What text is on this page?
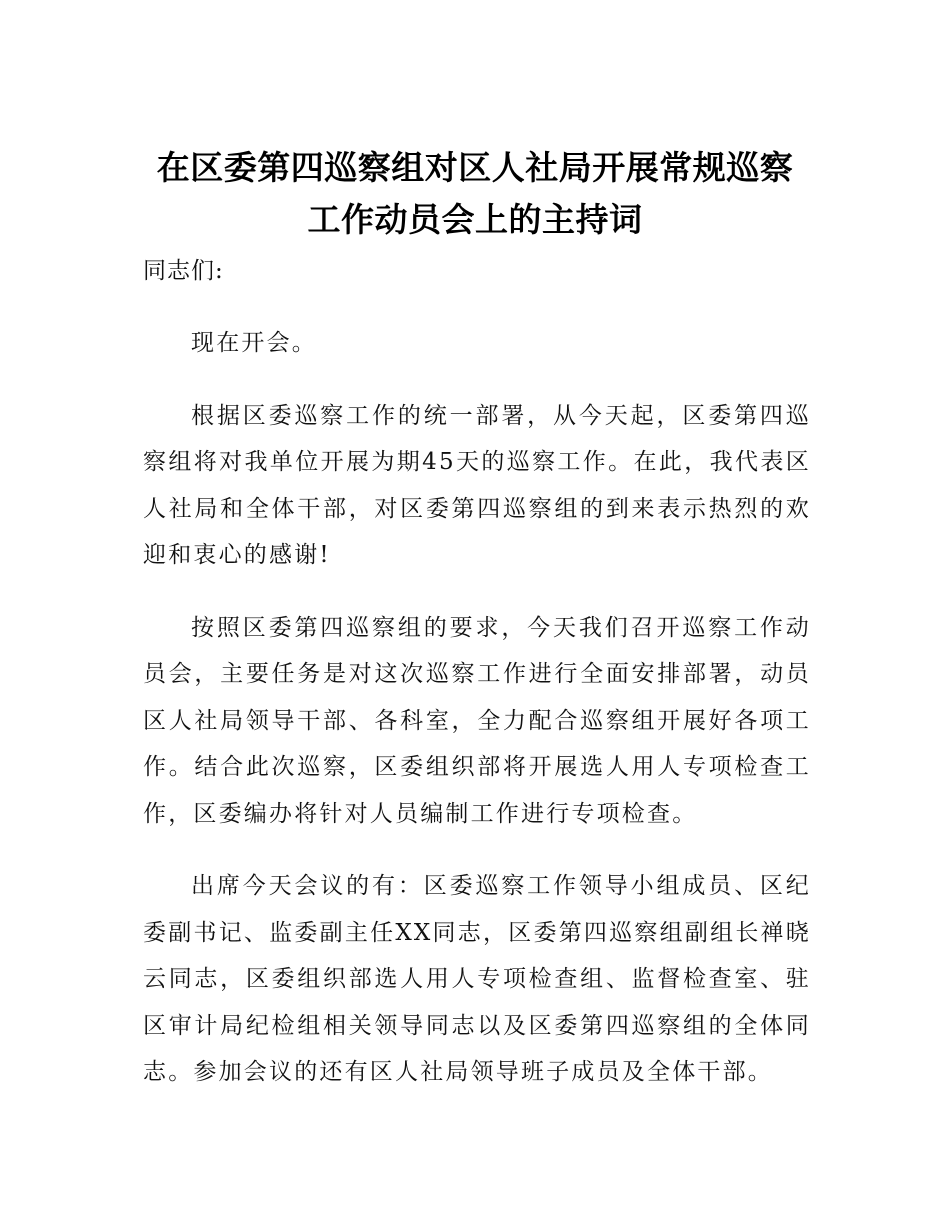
在区委第四巡察组对区人社局开展常规巡察
工作动员会上的主持词

同志们:

现在开会。

根据区委巡察工作的统一部署，从今天起，区委第四巡察组将对我单位开展为期45天的巡察工作。在此，我代表区人社局和全体干部，对区委第四巡察组的到来表示热烈的欢迎和衷心的感谢!

按照区委第四巡察组的要求，今天我们召开巡察工作动员会，主要任务是对这次巡察工作进行全面安排部署，动员区人社局领导干部、各科室，全力配合巡察组开展好各项工作。结合此次巡察，区委组织部将开展选人用人专项检查工作，区委编办将针对人员编制工作进行专项检查。

出席今天会议的有：区委巡察工作领导小组成员、区纪委副书记、监委副主任XX同志，区委第四巡察组副组长禅晓云同志，区委组织部选人用人专项检查组、监督检查室、驻区审计局纪检组相关领导同志以及区委第四巡察组的全体同志。参加会议的还有区人社局领导班子成员及全体干部。
